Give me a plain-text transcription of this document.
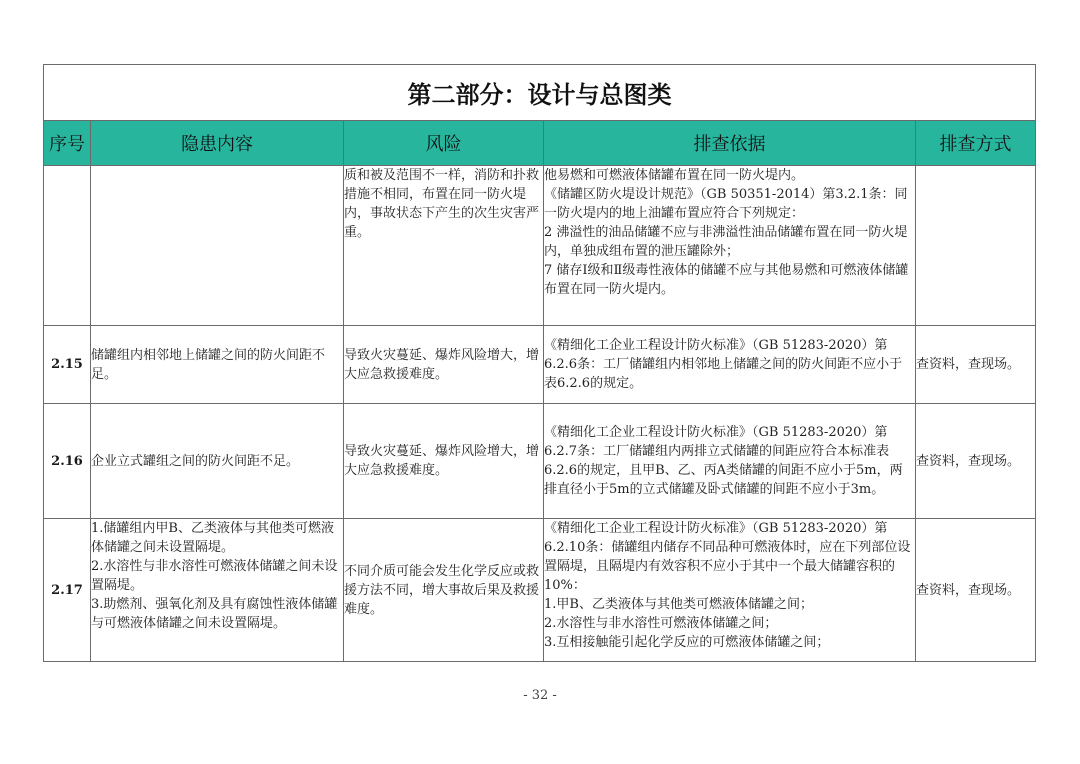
第二部分：设计与总图类				
序号	隐患内容	风险	排查依据	排查方式
		质和被及范围不一样，消防和扑救措施不相同，布置在同一防火堤内，事故状态下产生的次生灾害严重。	他易燃和可燃液体储罐布置在同一防火堤内。
《储罐区防火堤设计规范》（GB 50351-2014）第3.2.1条：同一防火堤内的地上油罐布置应符合下列规定：
2 沸溢性的油品储罐不应与非沸溢性油品储罐布置在同一防火堤内，单独成组布置的泄压罐除外；
7 储存Ⅰ级和Ⅱ级毒性液体的储罐不应与其他易燃和可燃液体储罐布置在同一防火堤内。	
2.15	储罐组内相邻地上储罐之间的防火间距不足。	导致火灾蔓延、爆炸风险增大，增大应急救援难度。	《精细化工企业工程设计防火标准》（GB 51283-2020）第6.2.6条：工厂储罐组内相邻地上储罐之间的防火间距不应小于表6.2.6的规定。	查资料，查现场。
2.16	企业立式罐组之间的防火间距不足。	导致火灾蔓延、爆炸风险增大，增大应急救援难度。	《精细化工企业工程设计防火标准》（GB 51283-2020）第6.2.7条：工厂储罐组内两排立式储罐的间距应符合本标准表6.2.6的规定，且甲B、乙、丙A类储罐的间距不应小于5m，两排直径小于5m的立式储罐及卧式储罐的间距不应小于3m。	查资料，查现场。
2.17	1.储罐组内甲B、乙类液体与其他类可燃液体储罐之间未设置隔堤。
2.水溶性与非水溶性可燃液体储罐之间未设置隔堤。
3.助燃剂、强氧化剂及具有腐蚀性液体储罐与可燃液体储罐之间未设置隔堤。	不同介质可能会发生化学反应或救援方法不同，增大事故后果及救援难度。	《精细化工企业工程设计防火标准》（GB 51283-2020）第6.2.10条：储罐组内储存不同品种可燃液体时，应在下列部位设置隔堤，且隔堤内有效容积不应小于其中一个最大储罐容积的10%：
1.甲B、乙类液体与其他类可燃液体储罐之间；
2.水溶性与非水溶性可燃液体储罐之间；
3.互相接触能引起化学反应的可燃液体储罐之间；	查资料，查现场。
- 32 -
